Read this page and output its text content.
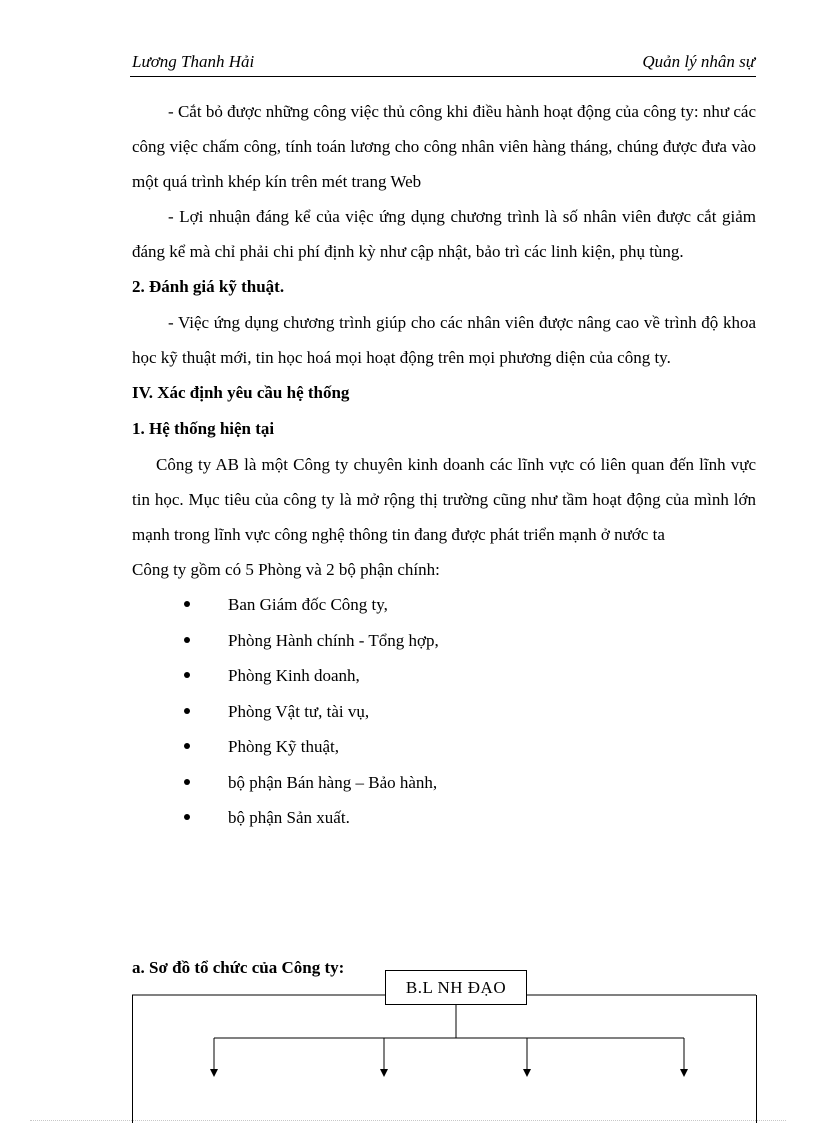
Lương Thanh Hải	Quản lý nhân sự

- Cắt bỏ được những công việc thủ công khi điều hành hoạt động của công ty: như các công việc chấm công, tính toán lương cho công nhân viên hàng tháng, chúng được đưa vào một quá trình khép kín trên mét trang Web

- Lợi nhuận đáng kể của việc ứng dụng chương trình là số nhân viên được cắt giảm đáng kể mà chỉ phải chi phí định kỳ như cập nhật, bảo trì các linh kiện, phụ tùng.

2. Đánh giá kỹ thuật.

- Việc ứng dụng chương trình giúp cho các nhân viên được nâng cao về trình độ khoa học kỹ thuật mới, tin học hoá mọi hoạt động trên mọi phương diện của công ty.

IV. Xác định yêu cầu hệ thống

1. Hệ thống hiện tại

Công ty AB là một Công ty chuyên kinh doanh các lĩnh vực có liên quan đến lĩnh vực tin học. Mục tiêu của công ty là mở rộng thị trường cũng như tầm hoạt động của mình lớn mạnh trong lĩnh vực công nghệ thông tin đang được phát triển mạnh ở nước ta

Công ty gồm có 5 Phòng và 2 bộ phận chính:

Ban Giám đốc Công ty,
Phòng Hành chính - Tổng hợp,
Phòng Kinh doanh,
Phòng Vật tư, tài vụ,
Phòng Kỹ thuật,
bộ phận Bán hàng – Bảo hành,
bộ phận Sản xuất.
a. Sơ đồ tổ chức của Công ty:
B.L NH ĐẠO
